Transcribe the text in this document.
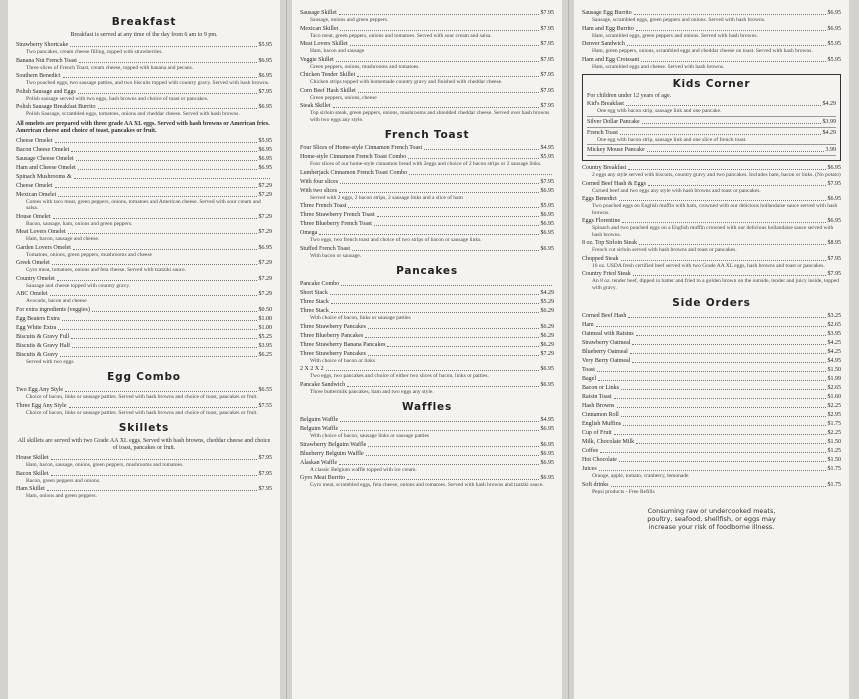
Breakfast
Breakfast is served at any time of the day from 6 am to 9 pm.
Strawberry Shortcake	$5.95
Two pancakes, cream cheese filling, topped with strawberries.
Banana Nut French Toast	$6.95
Three slices of French Toast, cream cheese, topped with banana and pecans.
Southern Benedict	$6.95
Two poached eggs, two sausage patties, and two biscuits topped with country gravy. Served with hash browns.
Polish Sausage and Eggs	$7.95
Polish sausage served with two eggs, hash browns and choice of toast or pancakes.
Polish Sausage Breakfast Burrito	$6.95
Polish Sausage, scrambled eggs, tomatoes, onions and cheddar cheese. Served with hash browns.
All omelets are prepared with three grade AA XL eggs. Served with hash browns or American fries. American cheese and choice of toast, pancakes or fruit.
Cheese Omelet	$5.95
Bacon Cheese Omelet	$6.95
Sausage Cheese Omelet	$6.95
Ham and Cheese Omelet	$6.95
Spinach Mushrooms &
Cheese Omelet	$7.29
Mexican Omelet	$7.29
Comes with taco meat, green peppers, onions, tomatoes and American cheese. Served with sour cream and salsa.
House Omelet	$7.29
Bacon, sausage, ham, onions and green peppers.
Meat Lovers Omelet	$7.29
Ham, bacon, sausage and cheese.
Garden Lovers Omelet	$6.95
Tomatoes, onions, green peppers, mushrooms and cheese
Greek Omelet	$7.29
Gyro meat, tomatoes, onions and feta cheese. Served with tzatziki sauce.
Country Omelet	$7.29
Sausage and cheese topped with country gravy.
ABC Omelet	$7.29
Avocado, bacon and cheese
For extra ingredients (veggies)	$0.50
Egg Beaters Extra	$1.00
Egg White Extra	$1.00
Biscuits & Gravy Full	$5.25
Biscuits & Gravy Half	$3.95
Biscuits & Gravy	$6.25
Served with two eggs
Egg Combo
Two Egg Any Style	$6.55
Choice of bacon, links or sausage patties. Served with hash browns and choice of toast, pancakes or fruit.
Three Egg Any Style	$7.55
Choice of bacon, links or sausage patties. Served with hash browns and choice of toast, pancakes or fruit.
Skillets
All skillets are served with two Grade AA XL eggs. Served with hash browns, cheddar cheese and choice of toast, pancakes or fruit.
House Skillet	$7.95
Ham, bacon, sausage, onions, green peppers, mushrooms and tomatoes.
Bacon Skillet	$7.95
Bacon, green peppers and onions.
Ham Skillet	$7.95
Ham, onions and green peppers.
Sausage Skillet	$7.95
Sausage, onions and green peppers.
Mexican Skillet	$7.95
Taco meat, green peppers, onions and tomatoes. Served with sour cream and salsa.
Meat Lovers Skillet	$7.95
Ham, bacon and sausage
Veggie Skillet	$7.95
Green peppers, onions, mushrooms and tomatoes.
Chicken Tender Skillet	$7.95
Chicken strips topped with homemade country gravy and finished with cheddar cheese.
Corn Beef Hash Skillet	$7.95
Green peppers, onions, cheese
Steak Skillet	$7.95
Top sirloin steak, green peppers, onions, mushrooms and shredded cheddar cheese. Served over hash browns with two eggs any style.
French Toast
Four Slices of Home-style Cinnamon French Toast	$4.95
Home-style Cinnamon French Toast Combo	$5.95
Four slices of our home-style cinnamon bread with 2eggs and choice of 2 bacon strips or 2 sausage links.
Lumberjack Cinnamon French Toast Combo
With four slices	$7.95
With two slices	$6.95
Served with 2 eggs, 2 bacon strips, 2 sausage links and a slice of ham
Three French Toast	$5.95
Three Strawberry French Toast	$6.95
Three Blueberry French Toast	$6.95
Omega	$6.95
Two eggs, two french toast and choice of two strips of bacon or sausage links.
Stuffed French Toast	$6.95
With bacon or sausage.
Pancakes
Pancake Combo
Short Stack	$4.29
Three Stack	$5.29
Three Stack	$6.29
With choice of bacon, links or sausage patties
Three Strawberry Pancakes	$6.29
Three Blueberry Pancakes	$6.29
Three Strawberry Banana Pancakes	$6.29
Three Strawberry Pancakes	$7.29
With choice of bacon or links
2 X 2 X 2	$6.95
Two eggs, two pancakes and choice of either two slices of bacon, links or patties.
Pancake Sandwich	$6.95
Three buttermilk pancakes, ham and two eggs any style.
Waffles
Belguim Waffle	$4.95
Belguim Waffle	$6.95
With choice of bacon, sausage links or sausage patties
Strawberry Belguim Waffle	$6.95
Blueberry Belguim Waffle	$6.95
Alaskan Waffle	$6.95
A classic Belgium waffle topped with ice cream.
Gyro Meat Burrito	$6.95
Gyro meat, scrambled eggs, feta cheese, onions and tomatoes. Served with hash browns and tzatzki sauce.
Sausage Egg Burrito	$6.95
Sausage, scrambled eggs, green peppers and onions. Served with hash browns.
Ham and Egg Burrito	$6.95
Ham, scrambled eggs, green peppers and onions. Served with hash browns.
Denver Sandwich	$5.95
Ham, green peppers, onions, scrambled eggs and cheddar cheese on toast. Served with hash browns.
Ham and Egg Croissant	$5.95
Ham, scrambled eggs and cheese. Served with hash browns.
Kids Corner
For children under 12 years of age.
Kid's Breakfast	$4.29
One egg with bacon strip, sausage link and one pancake.
Silver Dollar Pancake	$3.99
French Toast	$4.29
One egg with bacon strip, sausage link and one slice of french toast.
Mickey Mouse Pancake	3.99
Country Breakfast	$6.95
2 eggs any style served with biscuits, country gravy and two pancakes. Includes ham, bacon or links. (No potato)
Corned Beef Hash & Eggs	$7.95
Corned beef and two eggs any style with hash browns and toast or pancakes.
Eggs Benedict	$6.95
Two poached eggs on English muffin with ham, crowned with our delicious hollandaise sauce served with hash browns.
Eggs Florentine	$6.95
Spinach and two poached eggs on a English muffin crowned with our delicious hollandaise sauce served with hash browns.
8 oz. Top Sirloin Steak	$8.95
French cut sirloin served with hash browns and toast or pancakes.
Chopped Steak	$7.95
10 oz. USDA fresh certified beef served with two Grade AA XL eggs, hash browns and toast or pancakes.
Country Fried Steak	$7.95
An 8 oz. tender beef, dipped in batter and fried to a golden brown on the outside, tender and juicy inside, topped with gravy.
Side Orders
Corned Beef Hash	$3.25
Ham	$2.65
Oatmeal with Raisins	$3.95
Strawberry Oatmeal	$4.25
Blueberry Oatmeal	$4.25
Very Berry Oatmeal	$4.95
Toast	$1.50
Bagel	$1.99
Bacon or Links	$2.65
Raisin Toast	$1.60
Hash Browns	$2.25
Cinnamon Roll	$2.95
English Muffins	$1.75
Cup of Fruit	$2.25
Milk, Chocolate Milk	$1.50
Coffee	$1.25
Hot Chocolate	$1.50
Juices	$1.75
Orange, apple, tomato, cranberry, lemonade
Soft drinks	$1.75
Pepsi products - Free Refills
Consuming raw or undercooked meats, poultry, seafood, shellfish, or eggs may increase your risk of foodborne illness.
